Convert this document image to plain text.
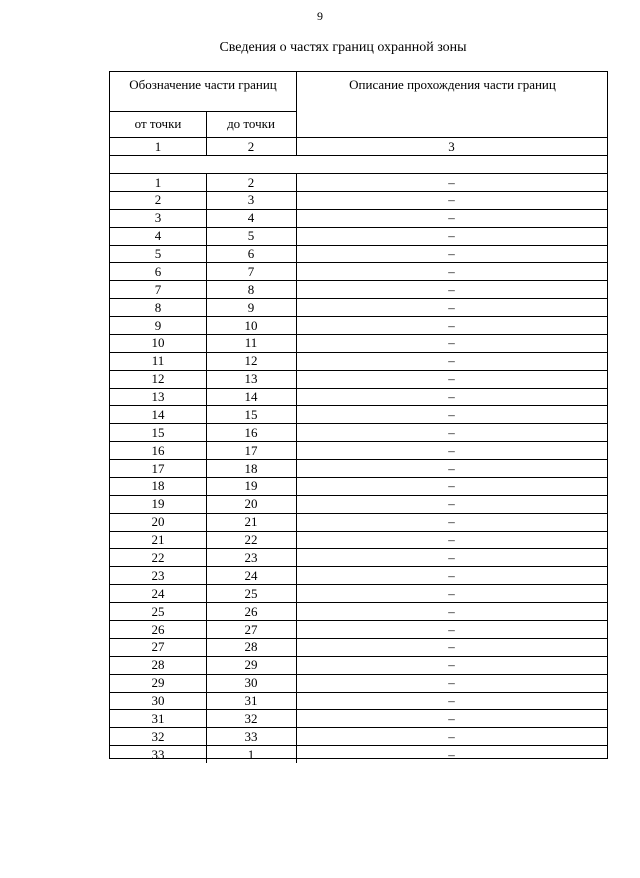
9
Сведения о частях границ охранной зоны
Обозначение части границ	Описание прохождения части границ
от точки	до точки
1	2	3
1	2	–
2	3	–
3	4	–
4	5	–
5	6	–
6	7	–
7	8	–
8	9	–
9	10	–
10	11	–
11	12	–
12	13	–
13	14	–
14	15	–
15	16	–
16	17	–
17	18	–
18	19	–
19	20	–
20	21	–
21	22	–
22	23	–
23	24	–
24	25	–
25	26	–
26	27	–
27	28	–
28	29	–
29	30	–
30	31	–
31	32	–
32	33	–
33	1	–
